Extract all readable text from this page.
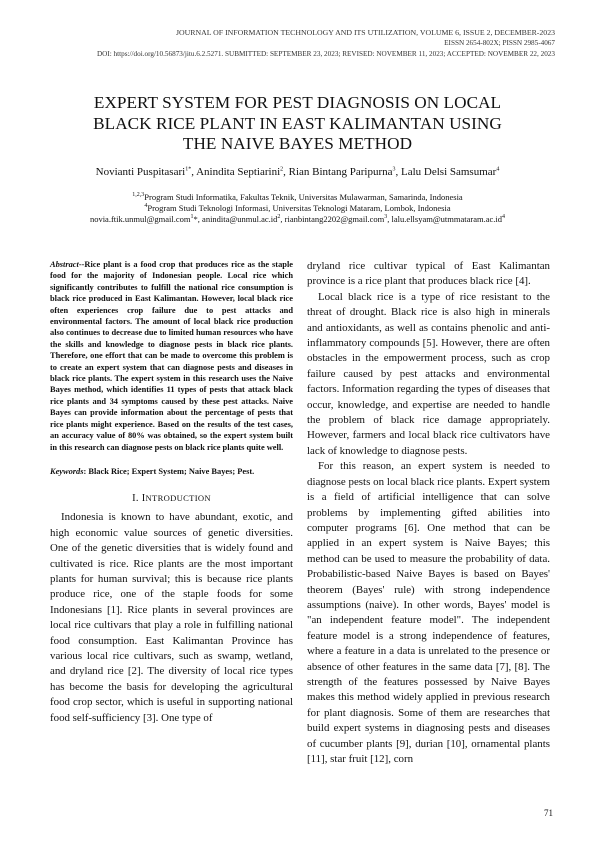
JOURNAL OF INFORMATION TECHNOLOGY AND ITS UTILIZATION, VOLUME 6, ISSUE 2, DECEMBER-2023
EISSN 2654-802X; PISSN 2985-4067
DOI: https://doi.org/10.56873/jitu.6.2.5271. SUBMITTED: SEPTEMBER 23, 2023; REVISED: NOVEMBER 11, 2023; ACCEPTED: NOVEMBER 22, 2023
EXPERT SYSTEM FOR PEST DIAGNOSIS ON LOCAL
BLACK RICE PLANT IN EAST KALIMANTAN USING
THE NAIVE BAYES METHOD
Novianti Puspitasari$^{1*}$, Anindita Septiarini$^2$, Rian Bintang Paripurna$^3$, Lalu Delsi Samsumar$^4$
$^{1,2,3}$Program Studi Informatika, Fakultas Teknik, Universitas Mulawarman, Samarinda, Indonesia
$^4$Program Studi Teknologi Informasi, Universitas Teknologi Mataram, Lombok, Indonesia
novia.ftik.unmul@gmail.com$^1$*, $anindita@unmul.ac.id^2$, rianbintang2202@gmail.com$^3$, $lalu.ellsyam@utmmataram.ac.id^4$
Abstract--Rice plant is a food crop that produces rice as the staple food for the majority of Indonesian people. Local rice which significantly contributes to fulfill the national rice consumption is black rice produced in East Kalimantan. However, local black rice often experiences crop failure due to pest attacks and environmental factors. The amount of local black rice production also continues to decrease due to limited human resources who have the skills and knowledge to diagnose pests in black rice plants. Therefore, one effort that can be made to overcome this problem is to create an expert system that can diagnose pests and diseases in black rice plants. The expert system in this research uses the Naive Bayes method, which identifies 11 types of pests that attack black rice plants and 34 symptoms caused by these pest attacks. Naive Bayes can provide information about the percentage of pests that rice plants might experience. Based on the results of the test cases, an accuracy value of 80% was obtained, so the expert system built in this research can diagnose pests on black rice plants quite well.
Keywords: Black Rice; Expert System; Naive Bayes; Pest.
I. INTRODUCTION

Indonesia is known to have abundant, exotic, and high economic value sources of genetic diversities. One of the genetic diversities that is widely found and cultivated is rice. Rice plants are the most important plants for human survival; this is because rice plants produce rice, one of the staple foods for some Indonesians [1]. Rice plants in several provinces are local rice cultivars that play a role in fulfilling national food consumption. East Kalimantan Province has various local rice cultivars, such as swamp, wetland, and dryland rice [2]. The diversity of local rice types has become the basis for developing the agricultural food crop sector, which is useful in supporting national food self-sufficiency [3]. One type of

dryland rice cultivar typical of East Kalimantan province is a rice plant that produces black rice [4].

Local black rice is a type of rice resistant to the threat of drought. Black rice is also high in minerals and antioxidants, as well as contains phenolic and anti-inflammatory compounds [5]. However, there are often obstacles in the empowerment process, such as crop failure caused by pest attacks and environmental factors. Information regarding the types of diseases that occur, knowledge, and expertise are needed to handle the problem of black rice damage appropriately. However, farmers and local black rice cultivators have lack of knowledge to diagnose pests.

For this reason, an expert system is needed to diagnose pests on local black rice plants. Expert system is a field of artificial intelligence that can solve problems by implementing gifted abilities into computer programs [6]. One method that can be applied in an expert system is Naive Bayes; this method can be used to measure the probability of data. Probabilistic-based Naive Bayes is based on Bayes' theorem (Bayes' rule) with strong independence assumptions (naive). In other words, Bayes' model is "an independent feature model". The independent feature model is a strong independence of features, where a feature in a data is unrelated to the presence or absence of other features in the same data [7], [8]. The strength of the features possessed by Naive Bayes makes this method widely applied in previous research for plant diagnosis. Some of them are researches that build expert systems in diagnosing pests and diseases of cucumber plants [9], durian [10], ornamental plants [11], star fruit [12], corn

71
